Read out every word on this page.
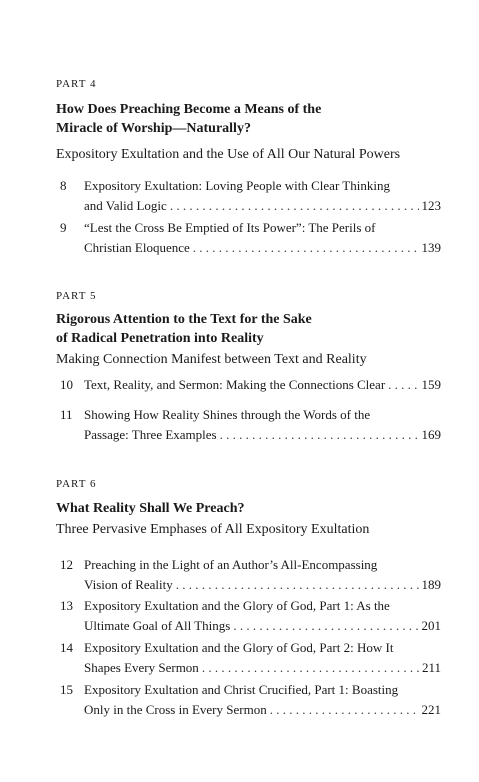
PART 4

How Does Preaching Become a Means of the

Miracle of Worship—Naturally?

Expository Exultation and the Use of All Our Natural Powers

8	Expository Exultation: Loving People with Clear Thinking
and Valid Logic . . .	123
9	“Lest the Cross Be Emptied of Its Power”: The Perils of
Christian Eloquence . . .	139

PART 5

Rigorous Attention to the Text for the Sake

of Radical Penetration into Reality

Making Connection Manifest between Text and Reality

10 Text, Reality, and Sermon: Making the Connections Clear . . .	159
11 Showing How Reality Shines through the Words of the
Passage: Three Examples . . .	169

PART 6

What Reality Shall We Preach?

Three Pervasive Emphases of All Expository Exultation

12 Preaching in the Light of an Author’s All-Encompassing
Vision of Reality . . .	189
13 Expository Exultation and the Glory of God, Part 1: As the
Ultimate Goal of All Things . . .	201
14 Expository Exultation and the Glory of God, Part 2: How It
Shapes Every Sermon . . .	211
15 Expository Exultation and Christ Crucified, Part 1: Boasting
Only in the Cross in Every Sermon . . .	221
